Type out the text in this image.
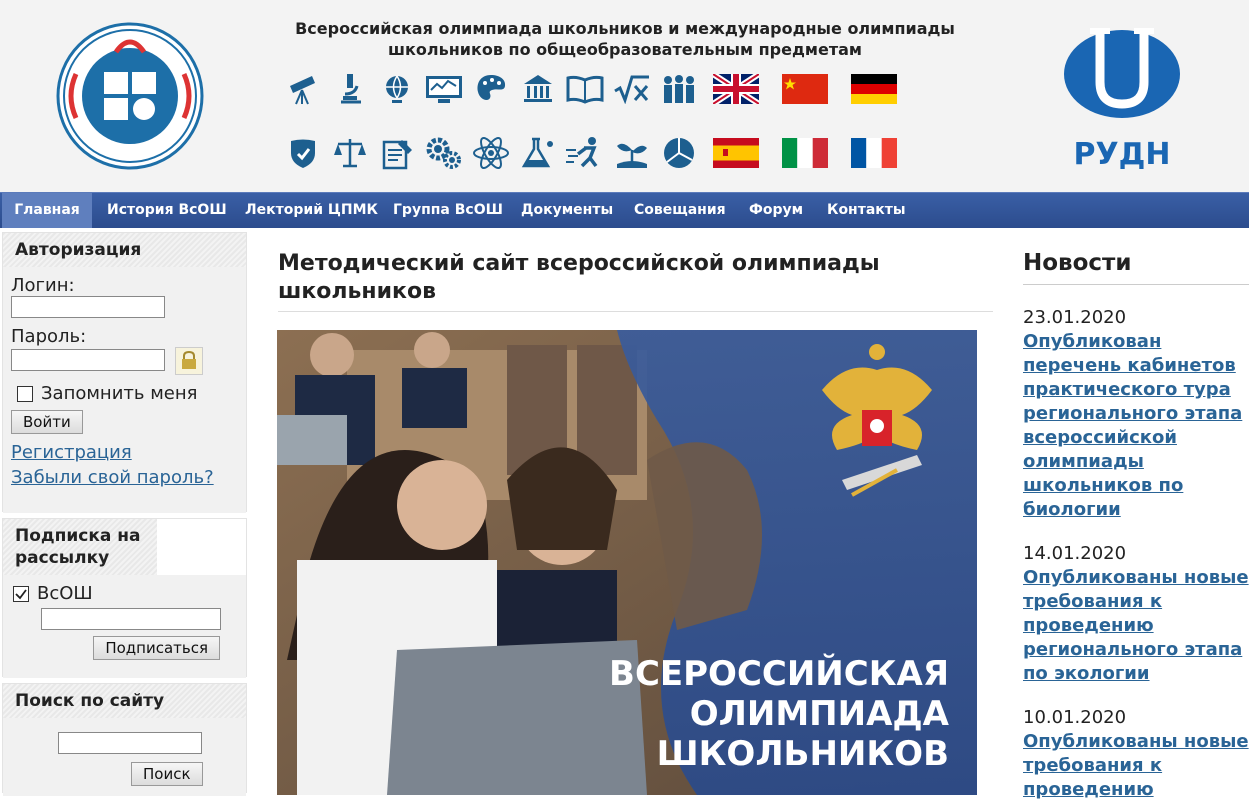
Всероссийская олимпиада школьников и международные олимпиады
школьников по общеобразовательным предметам
РУДН
Главная	История ВсОШ Лекторий ЦПМК Группа ВсОШ Документы Совещания Форум Контакты
Авторизация
Логин:
Пароль:
Запомнить меня
Войти
Регистрация
Забыли свой пароль?
Подписка на рассылку
ВсОШ
Подписаться
Поиск по сайту
Поиск
Методический сайт всероссийской олимпиады школьников
ВСЕРОССИЙСКАЯ
ОЛИМПИАДА
ШКОЛЬНИКОВ
Новости
23.01.2020
Опубликован перечень кабинетов практического тура регионального этапа всероссийской олимпиады школьников по биологии
14.01.2020
Опубликованы новые требования к проведению регионального этапа по экологии
10.01.2020
Опубликованы новые требования к проведению
